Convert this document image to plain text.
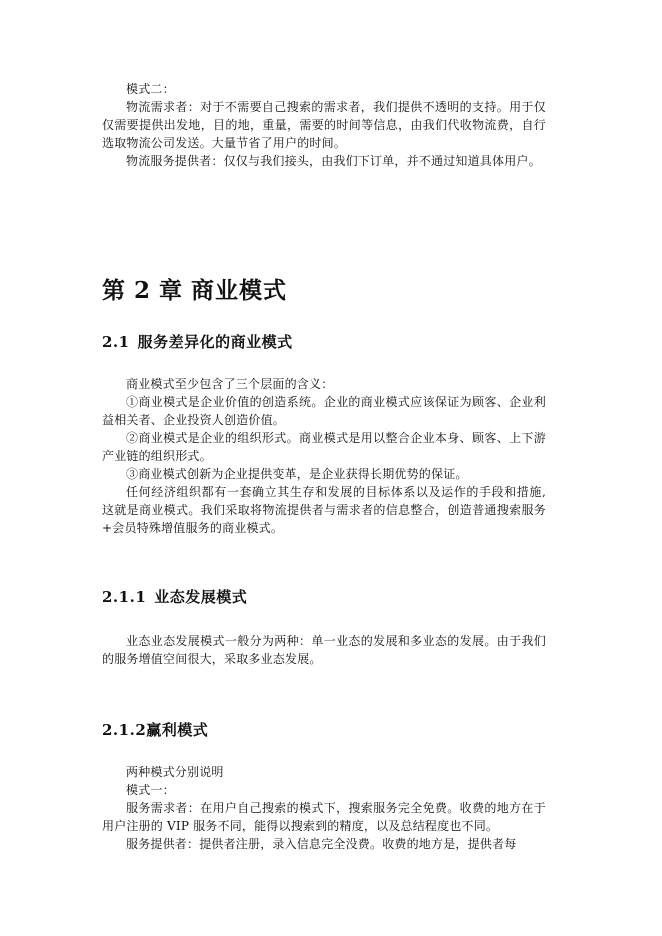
模式二：

物流需求者：对于不需要自己搜索的需求者，我们提供不透明的支持。用于仅仅需要提供出发地，目的地，重量，需要的时间等信息，由我们代收物流费，自行选取物流公司发送。大量节省了用户的时间。

物流服务提供者：仅仅与我们接头，由我们下订单，并不通过知道具体用户。

第 2 章 商业模式
2.1 服务差异化的商业模式

商业模式至少包含了三个层面的含义：

①商业模式是企业价值的创造系统。企业的商业模式应该保证为顾客、企业利益相关者、企业投资人创造价值。

②商业模式是企业的组织形式。商业模式是用以整合企业本身、顾客、上下游产业链的组织形式。

③商业模式创新为企业提供变革，是企业获得长期优势的保证。

任何经济组织都有一套确立其生存和发展的目标体系以及运作的手段和措施, 这就是商业模式。我们采取将物流提供者与需求者的信息整合，创造普通搜索服务+会员特殊增值服务的商业模式。

2.1.1 业态发展模式

业态业态发展模式一般分为两种：单一业态的发展和多业态的发展。由于我们的服务增值空间很大，采取多业态发展。

2.1.2赢利模式

两种模式分别说明

模式一：

服务需求者：在用户自己搜索的模式下，搜索服务完全免费。收费的地方在于用户注册的 VIP 服务不同，能得以搜索到的精度，以及总结程度也不同。

服务提供者：提供者注册，录入信息完全没费。收费的地方是，提供者每
